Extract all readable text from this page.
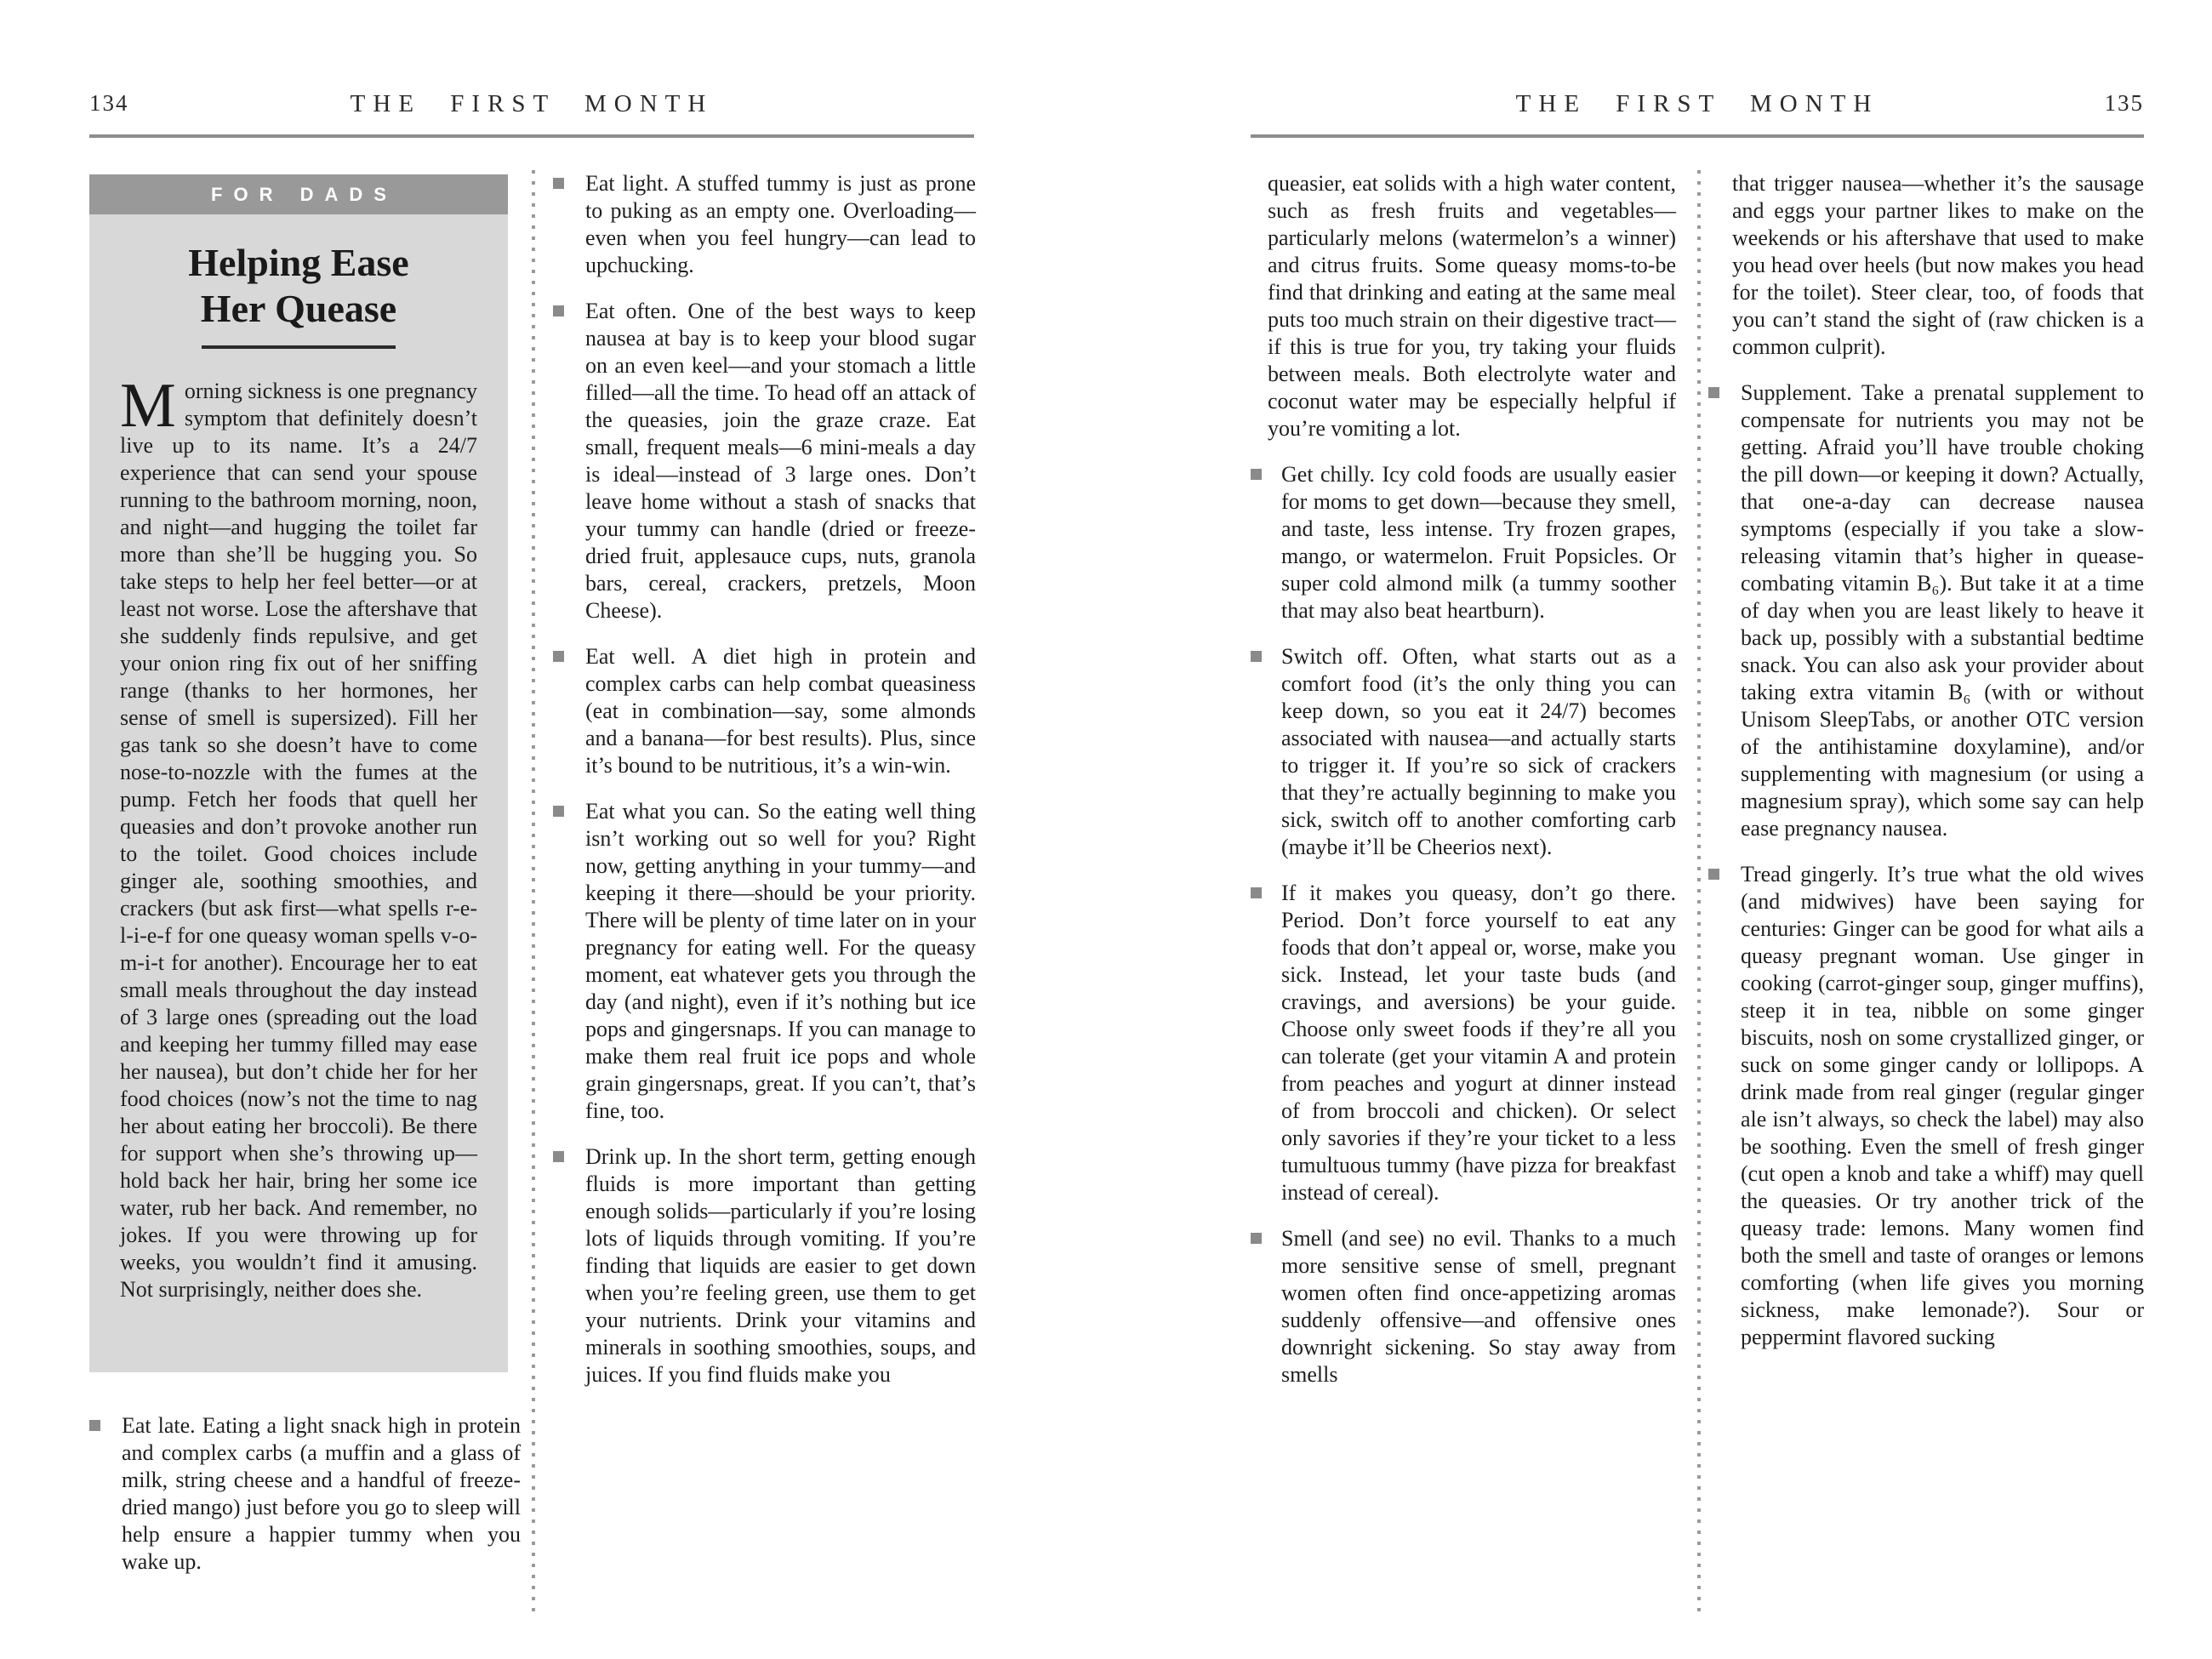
134	THE FIRST MONTH	135
THE FIRST MONTH
FOR DADS
Helping Ease
Her Quease

Morning sickness is one pregnancy symptom that definitely doesn’t live up to its name. It’s a 24/7 experience that can send your spouse running to the bathroom morning, noon, and night—and hugging the toilet far more than she’ll be hugging you. So take steps to help her feel better—or at least not worse. Lose the aftershave that she suddenly finds repulsive, and get your onion ring fix out of her sniffing range (thanks to her hormones, her sense of smell is supersized). Fill her gas tank so she doesn’t have to come nose-to-nozzle with the fumes at the pump. Fetch her foods that quell her queasies and don’t provoke another run to the toilet. Good choices include ginger ale, soothing smoothies, and crackers (but ask first—what spells r-e-l-i-e-f for one queasy woman spells v-o-m-i-t for another). Encourage her to eat small meals throughout the day instead of 3 large ones (spreading out the load and keeping her tummy filled may ease her nausea), but don’t chide her for her food choices (now’s not the time to nag her about eating her broccoli). Be there for support when she’s throwing up—hold back her hair, bring her some ice water, rub her back. And remember, no jokes. If you were throwing up for weeks, you wouldn’t find it amusing. Not surprisingly, neither does she.

Eat late. Eating a light snack high in protein and complex carbs (a muffin and a glass of milk, string cheese and a handful of freeze-dried mango) just before you go to sleep will help ensure a happier tummy when you wake up.
Eat light. A stuffed tummy is just as prone to puking as an empty one. Overloading—even when you feel hungry—can lead to upchucking.
Eat often. One of the best ways to keep nausea at bay is to keep your blood sugar on an even keel—and your stomach a little filled—all the time. To head off an attack of the queasies, join the graze craze. Eat small, frequent meals—6 mini-meals a day is ideal—instead of 3 large ones. Don’t leave home without a stash of snacks that your tummy can handle (dried or freeze-dried fruit, applesauce cups, nuts, granola bars, cereal, crackers, pretzels, Moon Cheese).
Eat well. A diet high in protein and complex carbs can help combat queasiness (eat in combination—say, some almonds and a banana—for best results). Plus, since it’s bound to be nutritious, it’s a win-win.
Eat what you can. So the eating well thing isn’t working out so well for you? Right now, getting anything in your tummy—and keeping it there—should be your priority. There will be plenty of time later on in your pregnancy for eating well. For the queasy moment, eat whatever gets you through the day (and night), even if it’s nothing but ice pops and gingersnaps. If you can manage to make them real fruit ice pops and whole grain gingersnaps, great. If you can’t, that’s fine, too.
Drink up. In the short term, getting enough fluids is more important than getting enough solids—particularly if you’re losing lots of liquids through vomiting. If you’re finding that liquids are easier to get down when you’re feeling green, use them to get your nutrients. Drink your vitamins and minerals in soothing smoothies, soups, and juices. If you find fluids make you

queasier, eat solids with a high water content, such as fresh fruits and vegetables—particularly melons (watermelon’s a winner) and citrus fruits. Some queasy moms-to-be find that drinking and eating at the same meal puts too much strain on their digestive tract—if this is true for you, try taking your fluids between meals. Both electrolyte water and coconut water may be especially helpful if you’re vomiting a lot.

Get chilly. Icy cold foods are usually easier for moms to get down—because they smell, and taste, less intense. Try frozen grapes, mango, or watermelon. Fruit Popsicles. Or super cold almond milk (a tummy soother that may also beat heartburn).
Switch off. Often, what starts out as a comfort food (it’s the only thing you can keep down, so you eat it 24/7) becomes associated with nausea—and actually starts to trigger it. If you’re so sick of crackers that they’re actually beginning to make you sick, switch off to another comforting carb (maybe it’ll be Cheerios next).
If it makes you queasy, don’t go there. Period. Don’t force yourself to eat any foods that don’t appeal or, worse, make you sick. Instead, let your taste buds (and cravings, and aversions) be your guide. Choose only sweet foods if they’re all you can tolerate (get your vitamin A and protein from peaches and yogurt at dinner instead of from broccoli and chicken). Or select only savories if they’re your ticket to a less tumultuous tummy (have pizza for breakfast instead of cereal).
Smell (and see) no evil. Thanks to a much more sensitive sense of smell, pregnant women often find once-appetizing aromas suddenly offensive—and offensive ones downright sickening. So stay away from smells

that trigger nausea—whether it’s the sausage and eggs your partner likes to make on the weekends or his aftershave that used to make you head over heels (but now makes you head for the toilet). Steer clear, too, of foods that you can’t stand the sight of (raw chicken is a common culprit).

Supplement. Take a prenatal supplement to compensate for nutrients you may not be getting. Afraid you’ll have trouble choking the pill down—or keeping it down? Actually, that one-a-day can decrease nausea symptoms (especially if you take a slow-releasing vitamin that’s higher in quease-combating vitamin B₆). But take it at a time of day when you are least likely to heave it back up, possibly with a substantial bedtime snack. You can also ask your provider about taking extra vitamin B₆ (with or without Unisom SleepTabs, or another OTC version of the antihistamine doxylamine), and/or supplementing with magnesium (or using a magnesium spray), which some say can help ease pregnancy nausea.
Tread gingerly. It’s true what the old wives (and midwives) have been saying for centuries: Ginger can be good for what ails a queasy pregnant woman. Use ginger in cooking (carrot-ginger soup, ginger muffins), steep it in tea, nibble on some ginger biscuits, nosh on some crystallized ginger, or suck on some ginger candy or lollipops. A drink made from real ginger (regular ginger ale isn’t always, so check the label) may also be soothing. Even the smell of fresh ginger (cut open a knob and take a whiff) may quell the queasies. Or try another trick of the queasy trade: lemons. Many women find both the smell and taste of oranges or lemons comforting (when life gives you morning sickness, make lemonade?). Sour or peppermint flavored sucking
